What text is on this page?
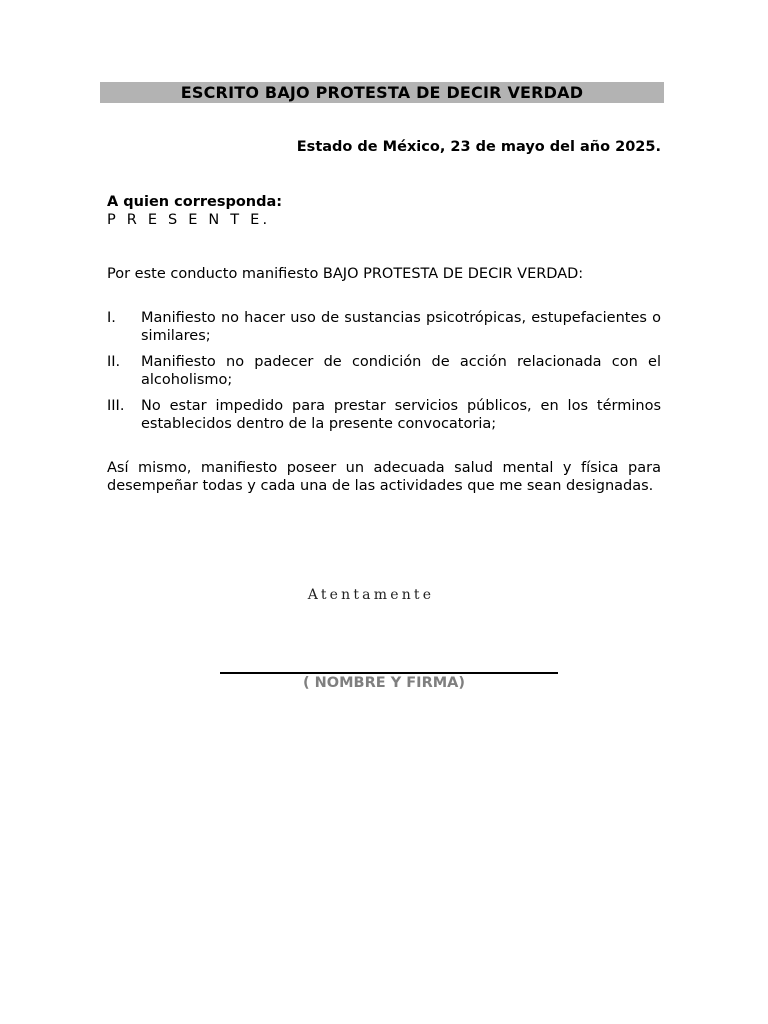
ESCRITO BAJO PROTESTA DE DECIR VERDAD
Estado de México, 23 de mayo del año 2025.
A quien corresponda:
P R E S E N T E.
Por este conducto manifiesto BAJO PROTESTA DE DECIR VERDAD:
I.	Manifiesto no hacer uso de sustancias psicotrópicas, estupefacientes o similares;
II.	Manifiesto no padecer de condición de acción relacionada con el alcoholismo;
III.	No estar impedido para prestar servicios públicos, en los términos establecidos dentro de la presente convocatoria;
Así mismo, manifiesto poseer un adecuada salud mental y física para desempeñar todas y cada una de las actividades que me sean designadas.
Atentamente
( NOMBRE Y FIRMA)
